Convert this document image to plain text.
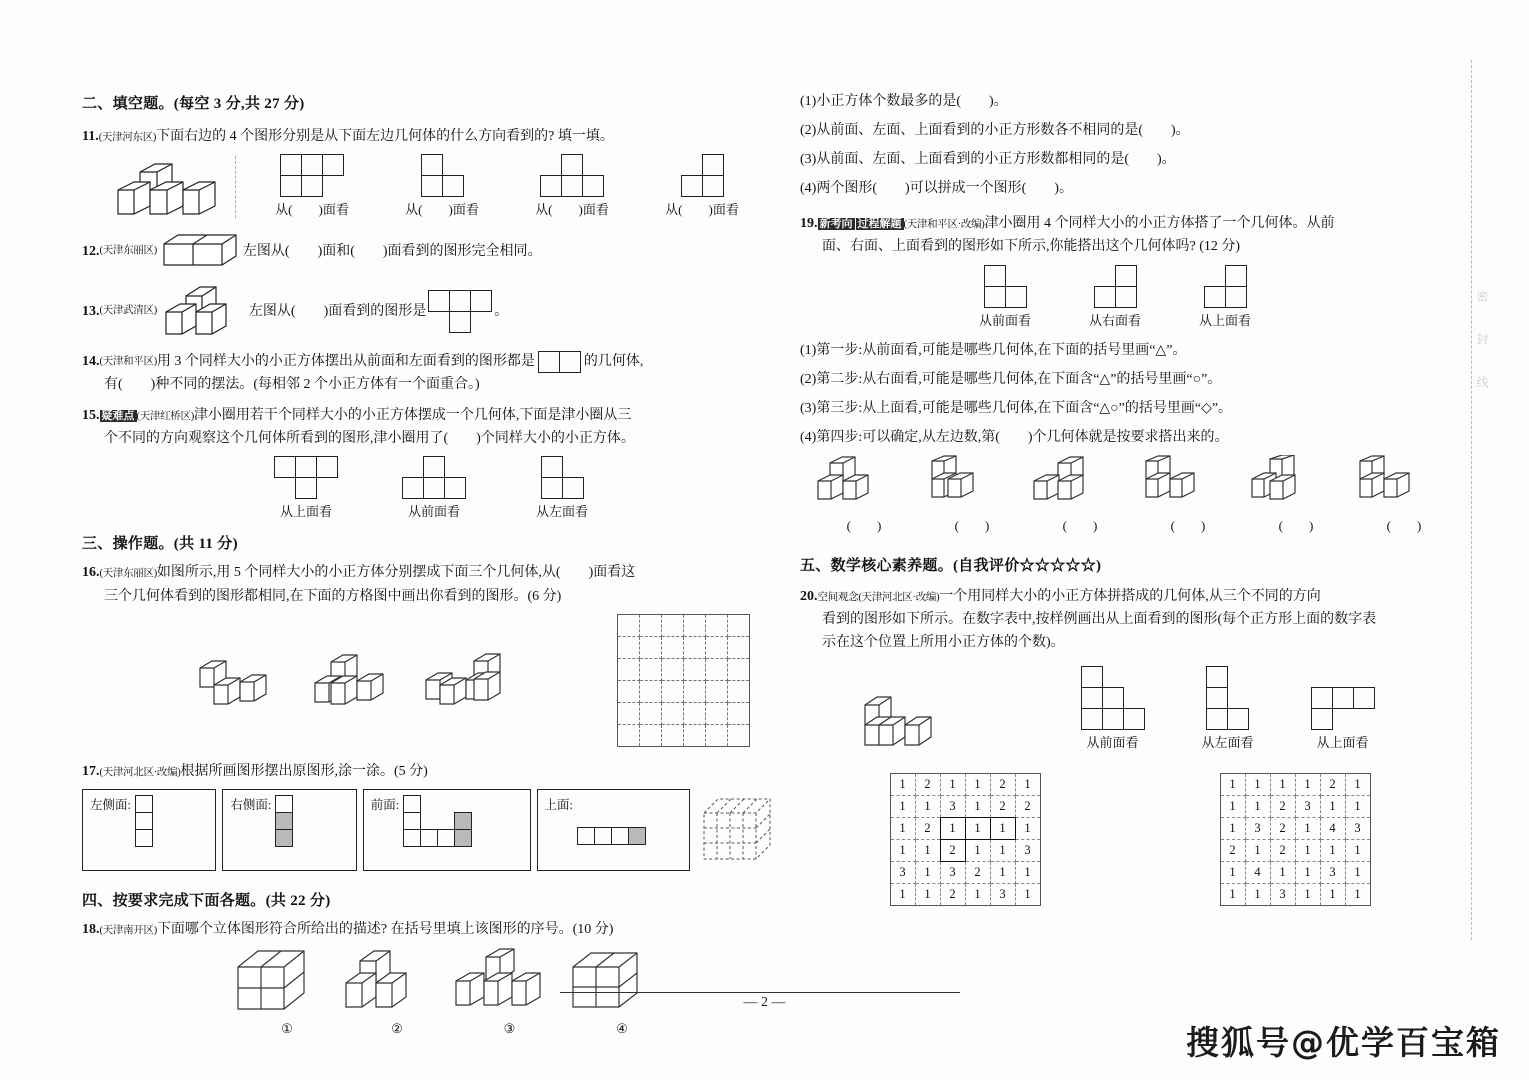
二、填空题。(每空 3 分,共 27 分)
11.(天津河东区)下面右边的 4 个图形分别是从下面左边几何体的什么方向看到的? 填一填。

从(　　)面看

		从(　　)面看

			从(　　)面看

		从(　　)面看
12. (天津东丽区)	左图从(　　)面和(　　)面看到的图形完全相同。
13. (天津武清区)	左图从(　　)面看到的图形是

			。
14. (天津和平区) 用 3 个同样大小的小正方体摆出从前面和左面看到的图形都是
		的几何体,
有(　　)种不同的摆法。(每相邻 2 个小正方体有一个面重合。)
15. 疑难点 (天津红桥区)津小圈用若干个同样大小的小正方体摆成一个几何体,下面是津小圈从三
个不同的方向观察这个几何体所看到的图形,津小圈用了(　　)个同样大小的小正方体。

从上面看

			从前面看

		从左面看
三、操作题。(共 11 分)
16.(天津东丽区)如图所示,用 5 个同样大小的小正方体分别摆成下面三个几何体,从(　　)面看这
三个几何体看到的图形都相同,在下面的方格图中画出你看到的图形。(6 分)

17.(天津河北区·改编)根据所画图形摆出原图形,涂一涂。(5 分)
左侧面:	右侧面:	前面:

				上面:

四、按要求完成下面各题。(共 22 分)
18.(天津南开区)下面哪个立体图形符合所给出的描述? 在括号里填上该图形的序号。(10 分)
①	②	③	④
(1)小正方体个数最多的是(　　)。
(2)从前面、左面、上面看到的小正方形数各不相同的是(　　)。
(3)从前面、左面、上面看到的小正方形数都相同的是(　　)。
(4)两个图形(　　)可以拼成一个图形(　　)。
19. 新考向 过程解题 (天津和平区·改编)津小圈用 4 个同样大小的小正方体搭了一个几何体。从前
面、右面、上面看到的图形如下所示,你能搭出这个几何体吗? (12 分)

从前面看

		从右面看

		从上面看
(1)第一步:从前面看,可能是哪些几何体,在下面的括号里画“△”。
(2)第二步:从右面看,可能是哪些几何体,在下面含“△”的括号里画“○”。
(3)第三步:从上面看,可能是哪些几何体,在下面含“△○”的括号里画“◇”。
(4)第四步:可以确定,从左边数,第(　　)个几何体就是按要求搭出来的。
(　　)	(　　)	(　　)	(　　)	(　　)	(　　)
五、数学核心素养题。(自我评价☆☆☆☆☆)
20.空间观念(天津河北区·改编)一个用同样大小的小正方体拼搭成的几何体,从三个不同的方向
看到的图形如下所示。在数字表中,按样例画出从上面看到的图形(每个正方形上面的数字表
示在这个位置上所用小正方体的个数)。

从前面看

		从左面看

			从上面看
1	2	1	1	2	1
1	1	3	1	2	2
1	2	1	1	1	1
1	1	2	1	1	3
3	1	3	2	1	1
1	1	2	1	3	1
1	1	1	1	2	1
1	1	2	3	1	1
1	3	2	1	4	3
2	1	2	1	1	1
1	4	1	1	3	1
1	1	3	1	1	1
— 2 —
密 封 线
搜狐号@优学百宝箱
